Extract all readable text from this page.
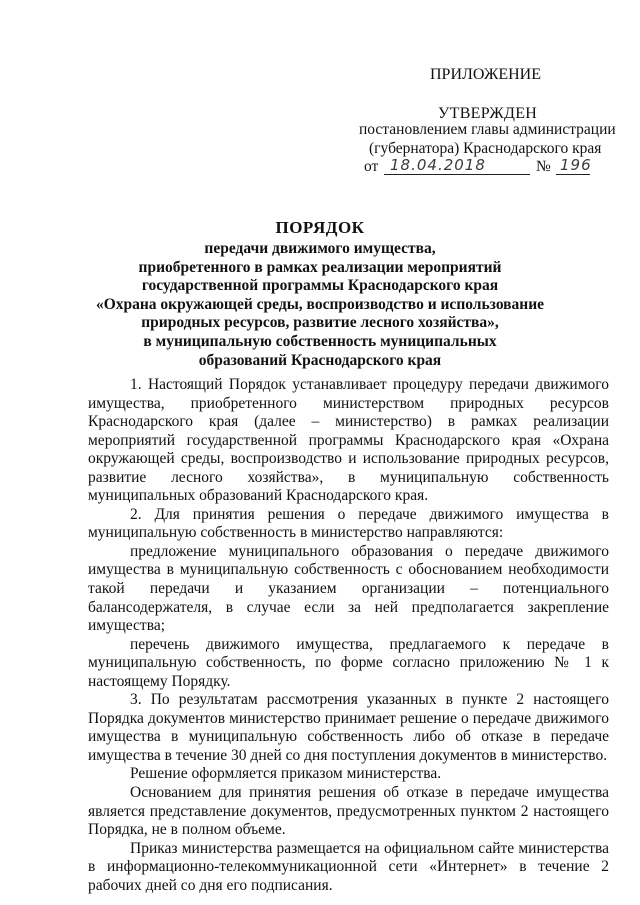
ПРИЛОЖЕНИЕ
УТВЕРЖДЕН
постановлением главы администрации
(губернатора) Краснодарского края
от 18.04.2018	№ 196
ПОРЯДОК
передачи движимого имущества,
приобретенного в рамках реализации мероприятий
государственной программы Краснодарского края
«Охрана окружающей среды, воспроизводство и использование
природных ресурсов, развитие лесного хозяйства»,
в муниципальную собственность муниципальных
образований Краснодарского края

1. Настоящий Порядок устанавливает процедуру передачи движимого имущества, приобретенного министерством природных ресурсов Краснодарского края (далее – министерство) в рамках реализации мероприятий государственной программы Краснодарского края «Охрана окружающей среды, воспроизводство и использование природных ресурсов, развитие лесного хозяйства», в муниципальную собственность муниципальных образований Краснодарского края.

2. Для принятия решения о передаче движимого имущества в муниципальную собственность в министерство направляются:

предложение муниципального образования о передаче движимого имущества в муниципальную собственность с обоснованием необходимости такой передачи и указанием организации – потенциального балансодержателя, в случае если за ней предполагается закрепление имущества;

перечень движимого имущества, предлагаемого к передаче в муниципальную собственность, по форме согласно приложению № 1 к настоящему Порядку.

3. По результатам рассмотрения указанных в пункте 2 настоящего Порядка документов министерство принимает решение о передаче движимого имущества в муниципальную собственность либо об отказе в передаче имущества в течение 30 дней со дня поступления документов в министерство.

Решение оформляется приказом министерства.

Основанием для принятия решения об отказе в передаче имущества является представление документов, предусмотренных пунктом 2 настоящего Порядка, не в полном объеме.

Приказ министерства размещается на официальном сайте министерства в информационно-телекоммуникационной сети «Интернет» в течение 2 рабочих дней со дня его подписания.
